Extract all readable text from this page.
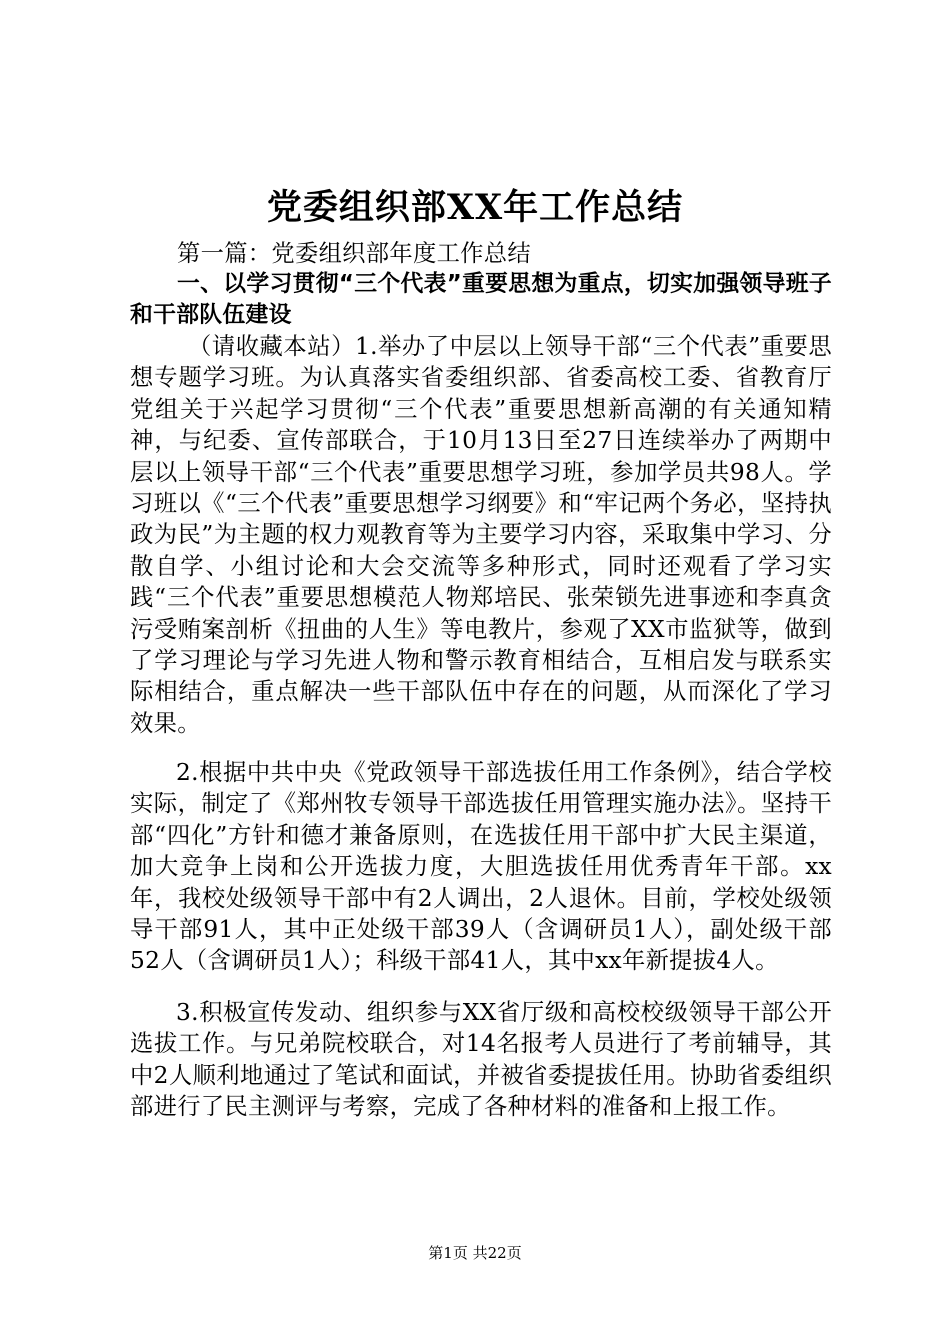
党委组织部XX年工作总结
第一篇：党委组织部年度工作总结
一、以学习贯彻“三个代表”重要思想为重点，切实加强领导班子和干部队伍建设
（请收藏本站）1.举办了中层以上领导干部“三个代表”重要思想专题学习班。为认真落实省委组织部、省委高校工委、省教育厅党组关于兴起学习贯彻“三个代表”重要思想新高潮的有关通知精神，与纪委、宣传部联合，于10月13日至27日连续举办了两期中层以上领导干部“三个代表”重要思想学习班，参加学员共98人。学习班以《“三个代表”重要思想学习纲要》和“牢记两个务必，坚持执政为民”为主题的权力观教育等为主要学习内容，采取集中学习、分散自学、小组讨论和大会交流等多种形式，同时还观看了学习实践“三个代表”重要思想模范人物郑培民、张荣锁先进事迹和李真贪污受贿案剖析《扭曲的人生》等电教片，参观了XX市监狱等，做到了学习理论与学习先进人物和警示教育相结合，互相启发与联系实际相结合，重点解决一些干部队伍中存在的问题，从而深化了学习效果。
2.根据中共中央《党政领导干部选拔任用工作条例》，结合学校实际，制定了《郑州牧专领导干部选拔任用管理实施办法》。坚持干部“四化”方针和德才兼备原则，在选拔任用干部中扩大民主渠道，加大竞争上岗和公开选拔力度，大胆选拔任用优秀青年干部。xx年，我校处级领导干部中有2人调出，2人退休。目前，学校处级领导干部91人，其中正处级干部39人（含调研员1人），副处级干部52人（含调研员1人）；科级干部41人，其中xx年新提拔4人。
3.积极宣传发动、组织参与XX省厅级和高校校级领导干部公开选拔工作。与兄弟院校联合，对14名报考人员进行了考前辅导，其中2人顺利地通过了笔试和面试，并被省委提拔任用。协助省委组织部进行了民主测评与考察，完成了各种材料的准备和上报工作。
第1页 共22页
